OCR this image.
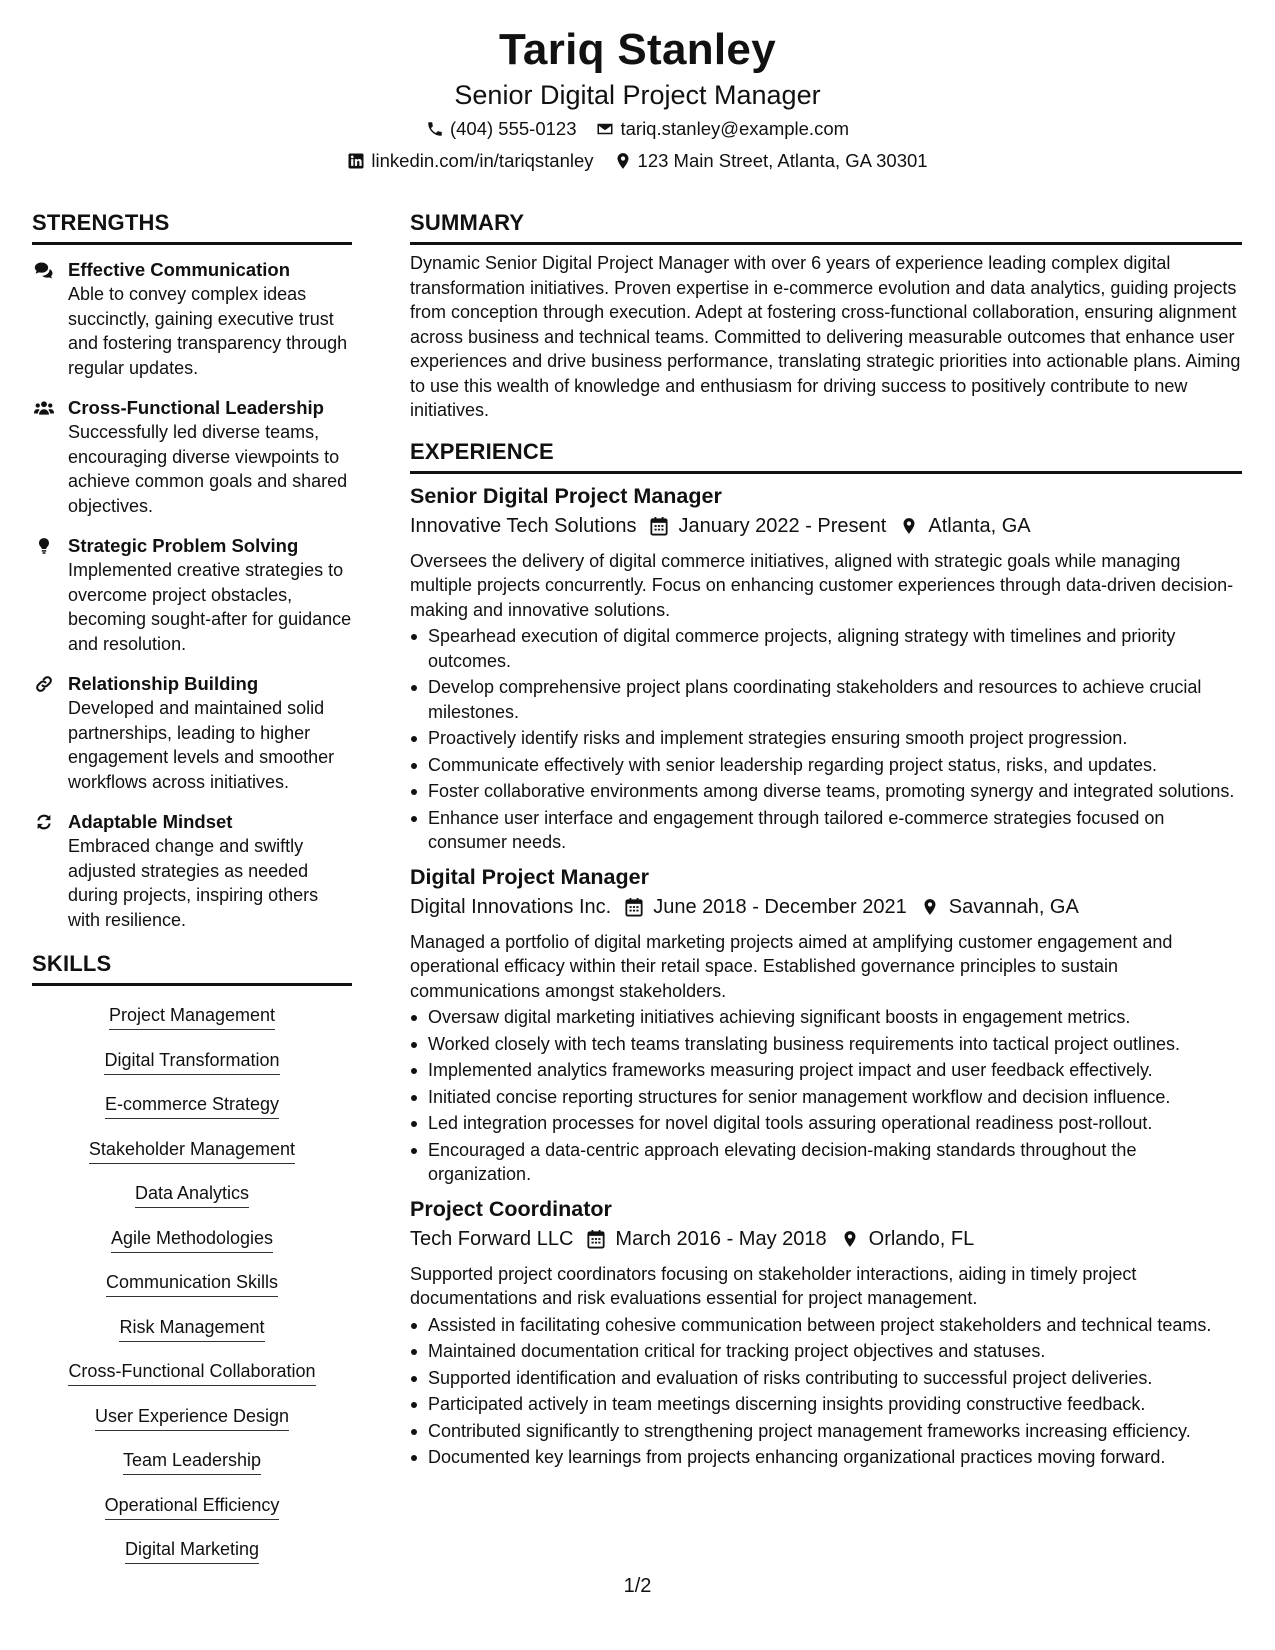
Tariq Stanley
Senior Digital Project Manager
(404) 555-0123 tariq.stanley@example.com
linkedin.com/in/tariqstanley 123 Main Street, Atlanta, GA 30301
STRENGTHS
Effective Communication
Able to convey complex ideas succinctly, gaining executive trust and fostering transparency through regular updates.
Cross-Functional Leadership
Successfully led diverse teams, encouraging diverse viewpoints to achieve common goals and shared objectives.
Strategic Problem Solving
Implemented creative strategies to overcome project obstacles, becoming sought-after for guidance and resolution.
Relationship Building
Developed and maintained solid partnerships, leading to higher engagement levels and smoother workflows across initiatives.
Adaptable Mindset
Embraced change and swiftly adjusted strategies as needed during projects, inspiring others with resilience.
SKILLS
Project Management
Digital Transformation
E-commerce Strategy
Stakeholder Management
Data Analytics
Agile Methodologies
Communication Skills
Risk Management
Cross-Functional Collaboration
User Experience Design
Team Leadership
Operational Efficiency
Digital Marketing
SUMMARY

Dynamic Senior Digital Project Manager with over 6 years of experience leading complex digital transformation initiatives. Proven expertise in e-commerce evolution and data analytics, guiding projects from conception through execution. Adept at fostering cross-functional collaboration, ensuring alignment across business and technical teams. Committed to delivering measurable outcomes that enhance user experiences and drive business performance, translating strategic priorities into actionable plans. Aiming to use this wealth of knowledge and enthusiasm for driving success to positively contribute to new initiatives.

EXPERIENCE
Senior Digital Project Manager
Innovative Tech Solutions January 2022 - Present Atlanta, GA

Oversees the delivery of digital commerce initiatives, aligned with strategic goals while managing multiple projects concurrently. Focus on enhancing customer experiences through data-driven decision-making and innovative solutions.

Spearhead execution of digital commerce projects, aligning strategy with timelines and priority outcomes.
Develop comprehensive project plans coordinating stakeholders and resources to achieve crucial milestones.
Proactively identify risks and implement strategies ensuring smooth project progression.
Communicate effectively with senior leadership regarding project status, risks, and updates.
Foster collaborative environments among diverse teams, promoting synergy and integrated solutions.
Enhance user interface and engagement through tailored e-commerce strategies focused on consumer needs.
Digital Project Manager
Digital Innovations Inc. June 2018 - December 2021 Savannah, GA

Managed a portfolio of digital marketing projects aimed at amplifying customer engagement and operational efficacy within their retail space. Established governance principles to sustain communications amongst stakeholders.

Oversaw digital marketing initiatives achieving significant boosts in engagement metrics.
Worked closely with tech teams translating business requirements into tactical project outlines.
Implemented analytics frameworks measuring project impact and user feedback effectively.
Initiated concise reporting structures for senior management workflow and decision influence.
Led integration processes for novel digital tools assuring operational readiness post-rollout.
Encouraged a data-centric approach elevating decision-making standards throughout the organization.
Project Coordinator
Tech Forward LLC March 2016 - May 2018 Orlando, FL

Supported project coordinators focusing on stakeholder interactions, aiding in timely project documentations and risk evaluations essential for project management.

Assisted in facilitating cohesive communication between project stakeholders and technical teams.
Maintained documentation critical for tracking project objectives and statuses.
Supported identification and evaluation of risks contributing to successful project deliveries.
Participated actively in team meetings discerning insights providing constructive feedback.
Contributed significantly to strengthening project management frameworks increasing efficiency.
Documented key learnings from projects enhancing organizational practices moving forward.
1/2
